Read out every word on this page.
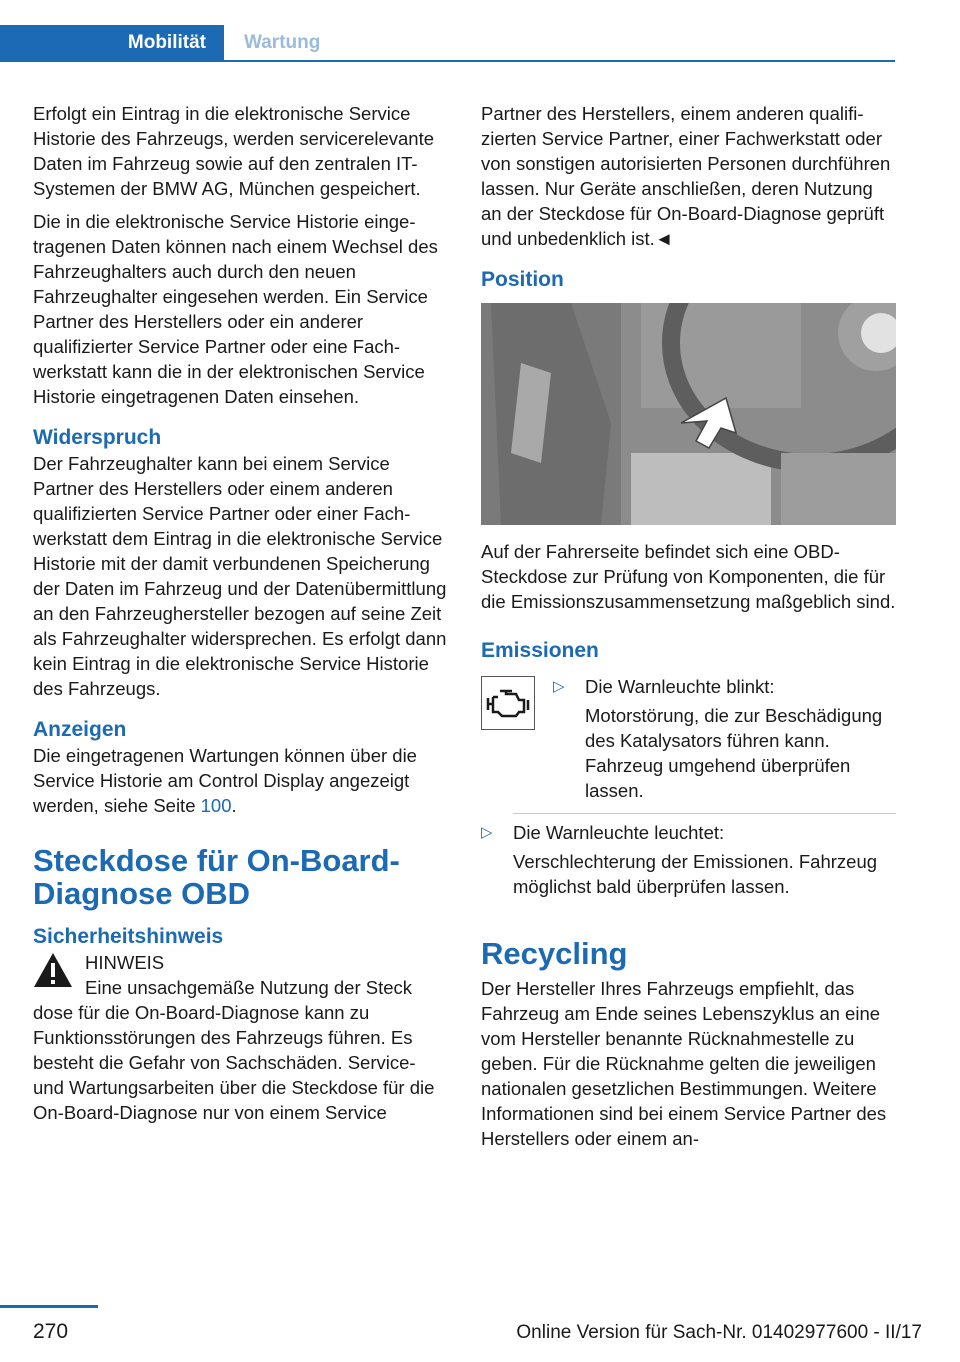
Mobilität	Wartung

Erfolgt ein Eintrag in die elektronische Service Historie des Fahrzeugs, werden servicerelevante Daten im Fahrzeug sowie auf den zentralen IT-Systemen der BMW AG, München gespeichert.

Die in die elektronische Service Historie eingetragenen Daten können nach einem Wechsel des Fahrzeughalters auch durch den neuen Fahrzeughalter eingesehen werden. Ein Service Partner des Herstellers oder ein anderer qualifizierter Service Partner oder eine Fachwerkstatt kann die in der elektronischen Service Historie eingetragenen Daten einsehen.

Widerspruch

Der Fahrzeughalter kann bei einem Service Partner des Herstellers oder einem anderen qualifizierten Service Partner oder einer Fachwerkstatt dem Eintrag in die elektronische Service Historie mit der damit verbundenen Speicherung der Daten im Fahrzeug und der Datenübermittlung an den Fahrzeughersteller bezogen auf seine Zeit als Fahrzeughalter widersprechen. Es erfolgt dann kein Eintrag in die elektronische Service Historie des Fahrzeugs.

Anzeigen

Die eingetragenen Wartungen können über die Service Historie am Control Display angezeigt werden, siehe Seite 100.

Steckdose für On-Board-Diagnose OBD
Sicherheitshinweis
HINWEIS

Eine unsachgemäße Nutzung der Steck

dose für die On-Board-Diagnose kann zu Funktionsstörungen des Fahrzeugs führen. Es besteht die Gefahr von Sachschäden. Service- und Wartungsarbeiten über die Steckdose für die On-Board-Diagnose nur von einem Service

Partner des Herstellers, einem anderen qualifizierten Service Partner, einer Fachwerkstatt oder von sonstigen autorisierten Personen durchführen lassen. Nur Geräte anschließen, deren Nutzung an der Steckdose für On-Board-Diagnose geprüft und unbedenklich ist.◄

Position

Auf der Fahrerseite befindet sich eine OBD-Steckdose zur Prüfung von Komponenten, die für die Emissionszusammensetzung maßgeblich sind.

Emissionen
▷	Die Warnleuchte blinkt:

Motorstörung, die zur Beschädigung des Katalysators führen kann. Fahrzeug umgehend überprüfen lassen.

▷	Die Warnleuchte leuchtet:

Verschlechterung der Emissionen. Fahrzeug möglichst bald überprüfen lassen.

Recycling

Der Hersteller Ihres Fahrzeugs empfiehlt, das Fahrzeug am Ende seines Lebenszyklus an eine vom Hersteller benannte Rücknahmestelle zu geben. Für die Rücknahme gelten die jeweiligen nationalen gesetzlichen Bestimmungen. Weitere Informationen sind bei einem Service Partner des Herstellers oder einem an-

270	Online Version für Sach-Nr. 01402977600 - II/17
